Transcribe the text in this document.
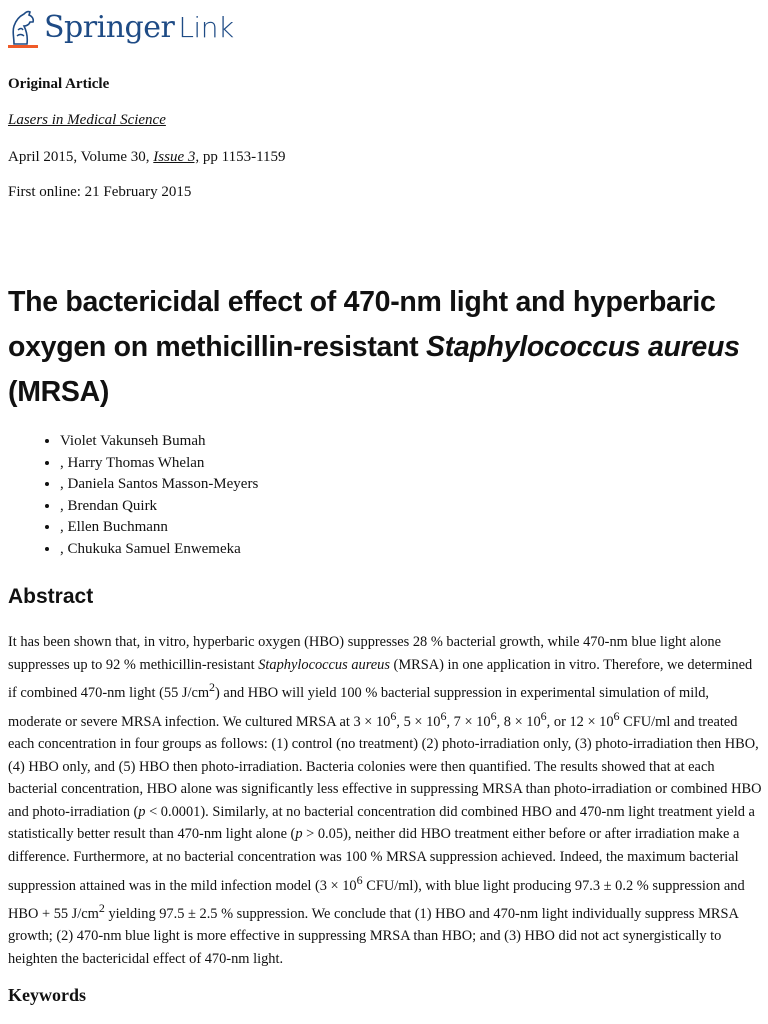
Springer Link
Original Article
Lasers in Medical Science
April 2015, Volume 30, Issue 3, pp 1153-1159
First online: 21 February 2015
The bactericidal effect of 470-nm light and hyperbaric oxygen on methicillin-resistant Staphylococcus aureus (MRSA)
• Violet Vakunseh Bumah
• , Harry Thomas Whelan
• , Daniela Santos Masson-Meyers
• , Brendan Quirk
• , Ellen Buchmann
• , Chukuka Samuel Enwemeka
Abstract

It has been shown that, in vitro, hyperbaric oxygen (HBO) suppresses 28 % bacterial growth, while 470-nm blue light alone suppresses up to 92 % methicillin-resistant Staphylococcus aureus (MRSA) in one application in vitro. Therefore, we determined if combined 470-nm light (55 $J/cm^2$) and HBO will yield 100 % bacterial suppression in experimental simulation of mild, moderate or severe MRSA infection. We cultured MRSA at $3 \times 10^6$, $5 \times 10^6$, $7 \times 10^6$, $8 \times 10^6$, or $12 \times 10^6$ CFU/ml and treated each concentration in four groups as follows: (1) control (no treatment) (2) photo-irradiation only, (3) photo-irradiation then HBO, (4) HBO only, and (5) HBO then photo-irradiation. Bacteria colonies were then quantified. The results showed that at each bacterial concentration, HBO alone was significantly less effective in suppressing MRSA than photo-irradiation or combined HBO and photo-irradiation (p < 0.0001). Similarly, at no bacterial concentration did combined HBO and 470-nm light treatment yield a statistically better result than 470-nm light alone (p > 0.05), neither did HBO treatment either before or after irradiation make a difference. Furthermore, at no bacterial concentration was 100 % MRSA suppression achieved. Indeed, the maximum bacterial suppression attained was in the mild infection model ($3 \times 10^6$ CFU/ml), with blue light producing 97.3 ± 0.2 % suppression and HBO + 55 $J/cm^2$ yielding 97.5 ± 2.5 % suppression. We conclude that (1) HBO and 470-nm light individually suppress MRSA growth; (2) 470-nm blue light is more effective in suppressing MRSA than HBO; and (3) HBO did not act synergistically to heighten the bactericidal effect of 470-nm light.

Keywords
